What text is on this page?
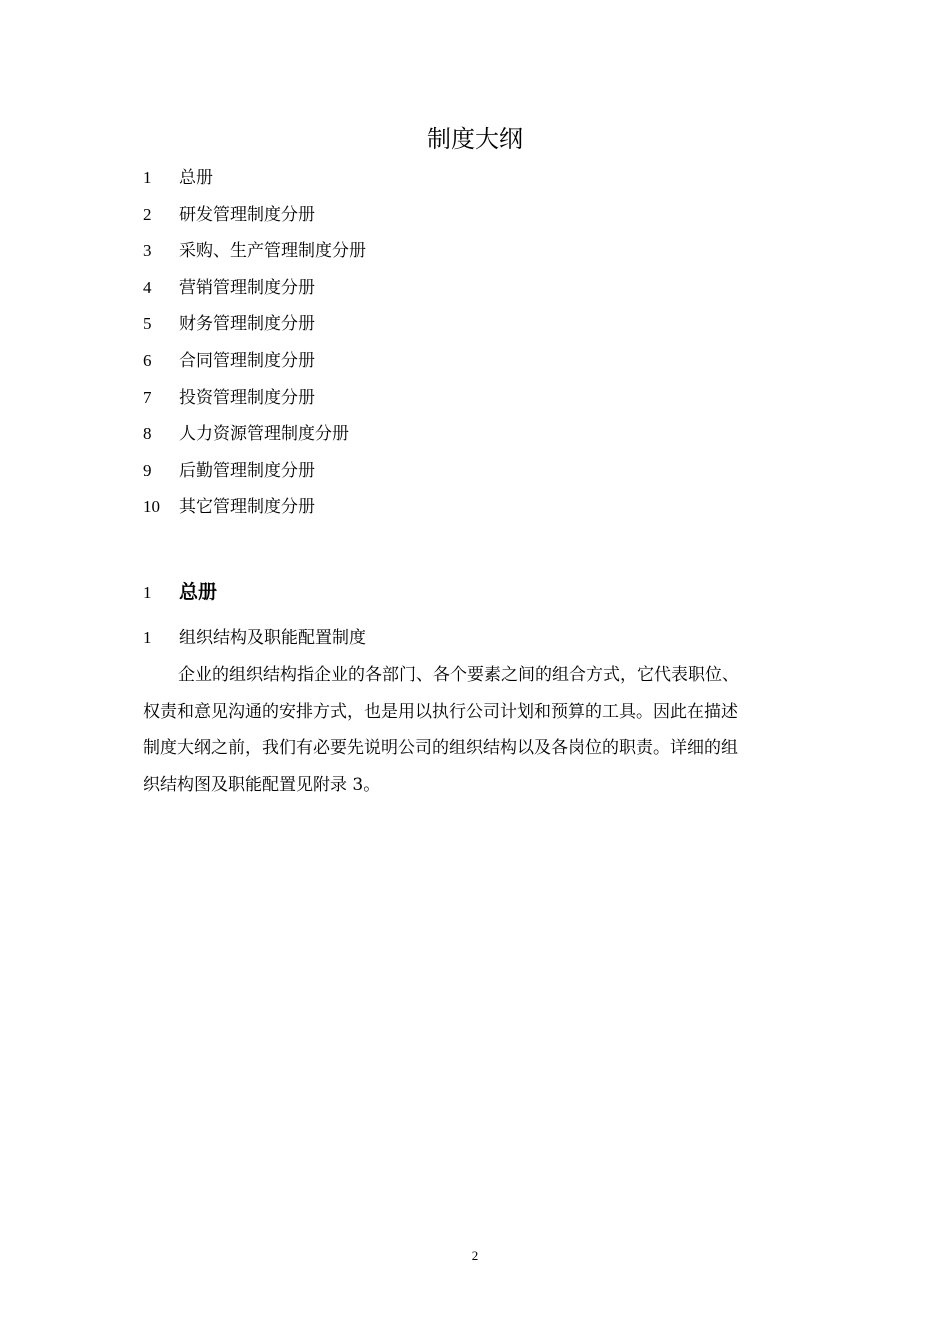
制度大纲
1 总册
2 研发管理制度分册
3 采购、生产管理制度分册
4 营销管理制度分册
5 财务管理制度分册
6 合同管理制度分册
7 投资管理制度分册
8 人力资源管理制度分册
9 后勤管理制度分册
10 其它管理制度分册
1 总册
1 组织结构及职能配置制度

企业的组织结构指企业的各部门、各个要素之间的组合方式，它代表职位、
权责和意见沟通的安排方式，也是用以执行公司计划和预算的工具。因此在描述
制度大纲之前，我们有必要先说明公司的组织结构以及各岗位的职责。详细的组
织结构图及职能配置见附录 3。

2
